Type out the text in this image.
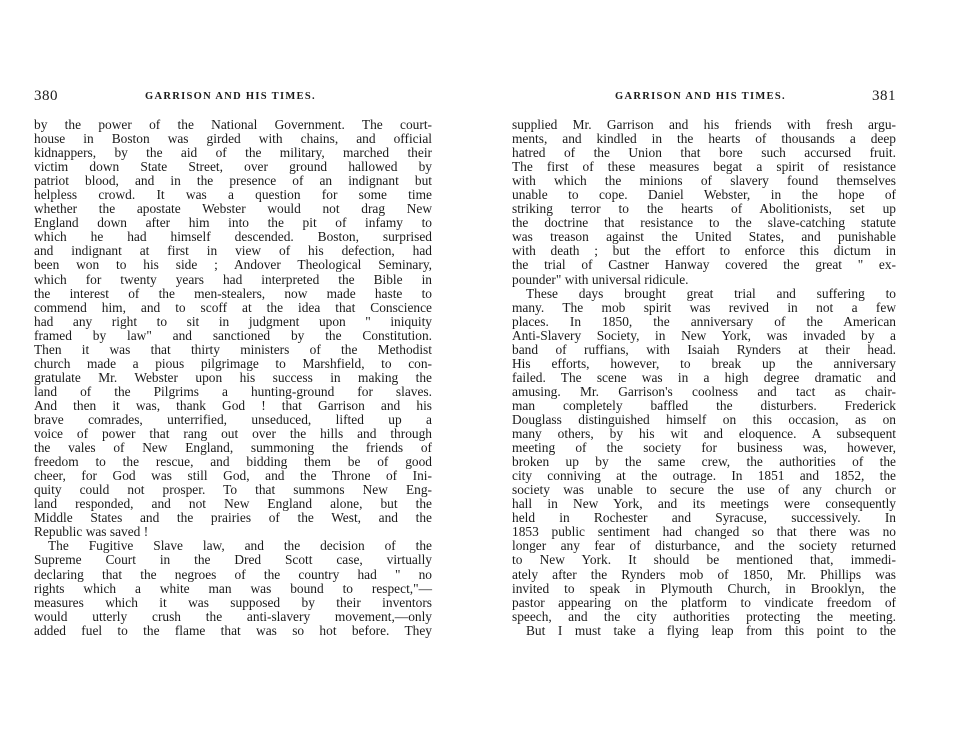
380	GARRISON AND HIS TIMES.
by the power of the National Government. The court-
house in Boston was girded with chains, and official
kidnappers, by the aid of the military, marched their
victim down State Street, over ground hallowed by
patriot blood, and in the presence of an indignant but
helpless crowd. It was a question for some time
whether the apostate Webster would not drag New
England down after him into the pit of infamy to
which he had himself descended. Boston, surprised
and indignant at first in view of his defection, had
been won to his side ; Andover Theological Seminary,
which for twenty years had interpreted the Bible in
the interest of the men-stealers, now made haste to
commend him, and to scoff at the idea that Conscience
had any right to sit in judgment upon " iniquity
framed by law" and sanctioned by the Constitution.
Then it was that thirty ministers of the Methodist
church made a pious pilgrimage to Marshfield, to con-
gratulate Mr. Webster upon his success in making the
land of the Pilgrims a hunting-ground for slaves.
And then it was, thank God ! that Garrison and his
brave comrades, unterrified, unseduced, lifted up a
voice of power that rang out over the hills and through
the vales of New England, summoning the friends of
freedom to the rescue, and bidding them be of good
cheer, for God was still God, and the Throne of Ini-
quity could not prosper. To that summons New Eng-
land responded, and not New England alone, but the
Middle States and the prairies of the West, and the
Republic was saved !
The Fugitive Slave law, and the decision of the
Supreme Court in the Dred Scott case, virtually
declaring that the negroes of the country had " no
rights which a white man was bound to respect,"—
measures which it was supposed by their inventors
would utterly crush the anti-slavery movement,—only
added fuel to the flame that was so hot before. They
GARRISON AND HIS TIMES.	381
supplied Mr. Garrison and his friends with fresh argu-
ments, and kindled in the hearts of thousands a deep
hatred of the Union that bore such accursed fruit.
The first of these measures begat a spirit of resistance
with which the minions of slavery found themselves
unable to cope. Daniel Webster, in the hope of
striking terror to the hearts of Abolitionists, set up
the doctrine that resistance to the slave-catching statute
was treason against the United States, and punishable
with death ; but the effort to enforce this dictum in
the trial of Castner Hanway covered the great " ex-
pounder" with universal ridicule.
These days brought great trial and suffering to
many. The mob spirit was revived in not a few
places. In 1850, the anniversary of the American
Anti-Slavery Society, in New York, was invaded by a
band of ruffians, with Isaiah Rynders at their head.
His efforts, however, to break up the anniversary
failed. The scene was in a high degree dramatic and
amusing. Mr. Garrison's coolness and tact as chair-
man completely baffled the disturbers. Frederick
Douglass distinguished himself on this occasion, as on
many others, by his wit and eloquence. A subsequent
meeting of the society for business was, however,
broken up by the same crew, the authorities of the
city conniving at the outrage. In 1851 and 1852, the
society was unable to secure the use of any church or
hall in New York, and its meetings were consequently
held in Rochester and Syracuse, successively. In
1853 public sentiment had changed so that there was no
longer any fear of disturbance, and the society returned
to New York. It should be mentioned that, immedi-
ately after the Rynders mob of 1850, Mr. Phillips was
invited to speak in Plymouth Church, in Brooklyn, the
pastor appearing on the platform to vindicate freedom of
speech, and the city authorities protecting the meeting.
But I must take a flying leap from this point to the
